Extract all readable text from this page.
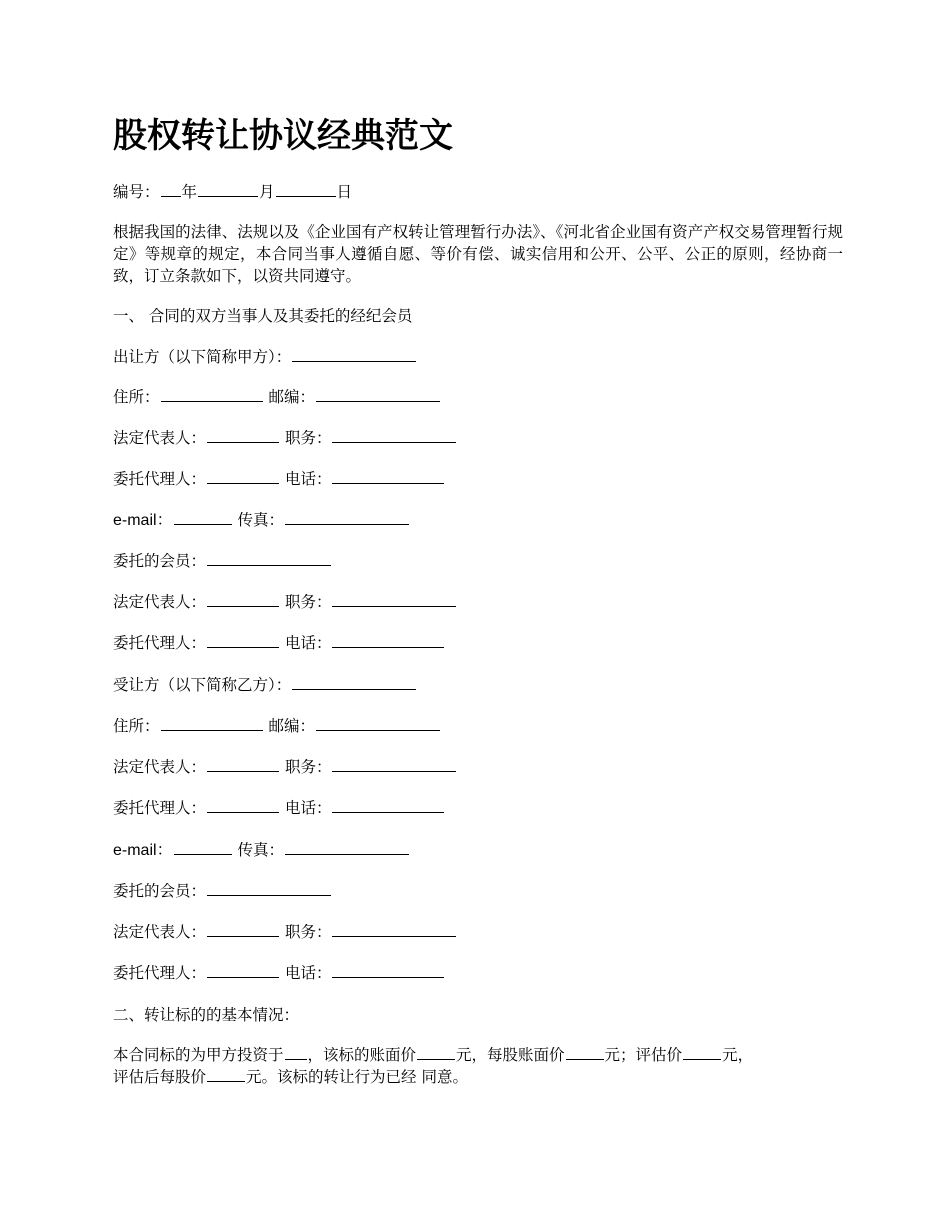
股权转让协议经典范文
编号： 年	月	日
根据我国的法律、法规以及《企业国有产权转让管理暂行办法》、《河北省企业国有资产产权交易管理暂行规定》等规章的规定，本合同当事人遵循自愿、等价有偿、诚实信用和公开、公平、公正的原则，经协商一致，订立条款如下，以资共同遵守。
一、 合同的双方当事人及其委托的经纪会员
出让方（以下简称甲方）：
住所：	邮编：
法定代表人：	职务：
委托代理人：	电话：
e-mail：	传真：
委托的会员：
法定代表人：	职务：
委托代理人：	电话：
受让方（以下简称乙方）：
住所：	邮编：
法定代表人：	职务：
委托代理人：	电话：
e-mail：	传真：
委托的会员：
法定代表人：	职务：
委托代理人：	电话：
二、转让标的的基本情况：
本合同标的为甲方投资于 ，该标的账面价	元，每股账面价	元；评估价	元，
评估后每股价	元。该标的转让行为已经 同意。
